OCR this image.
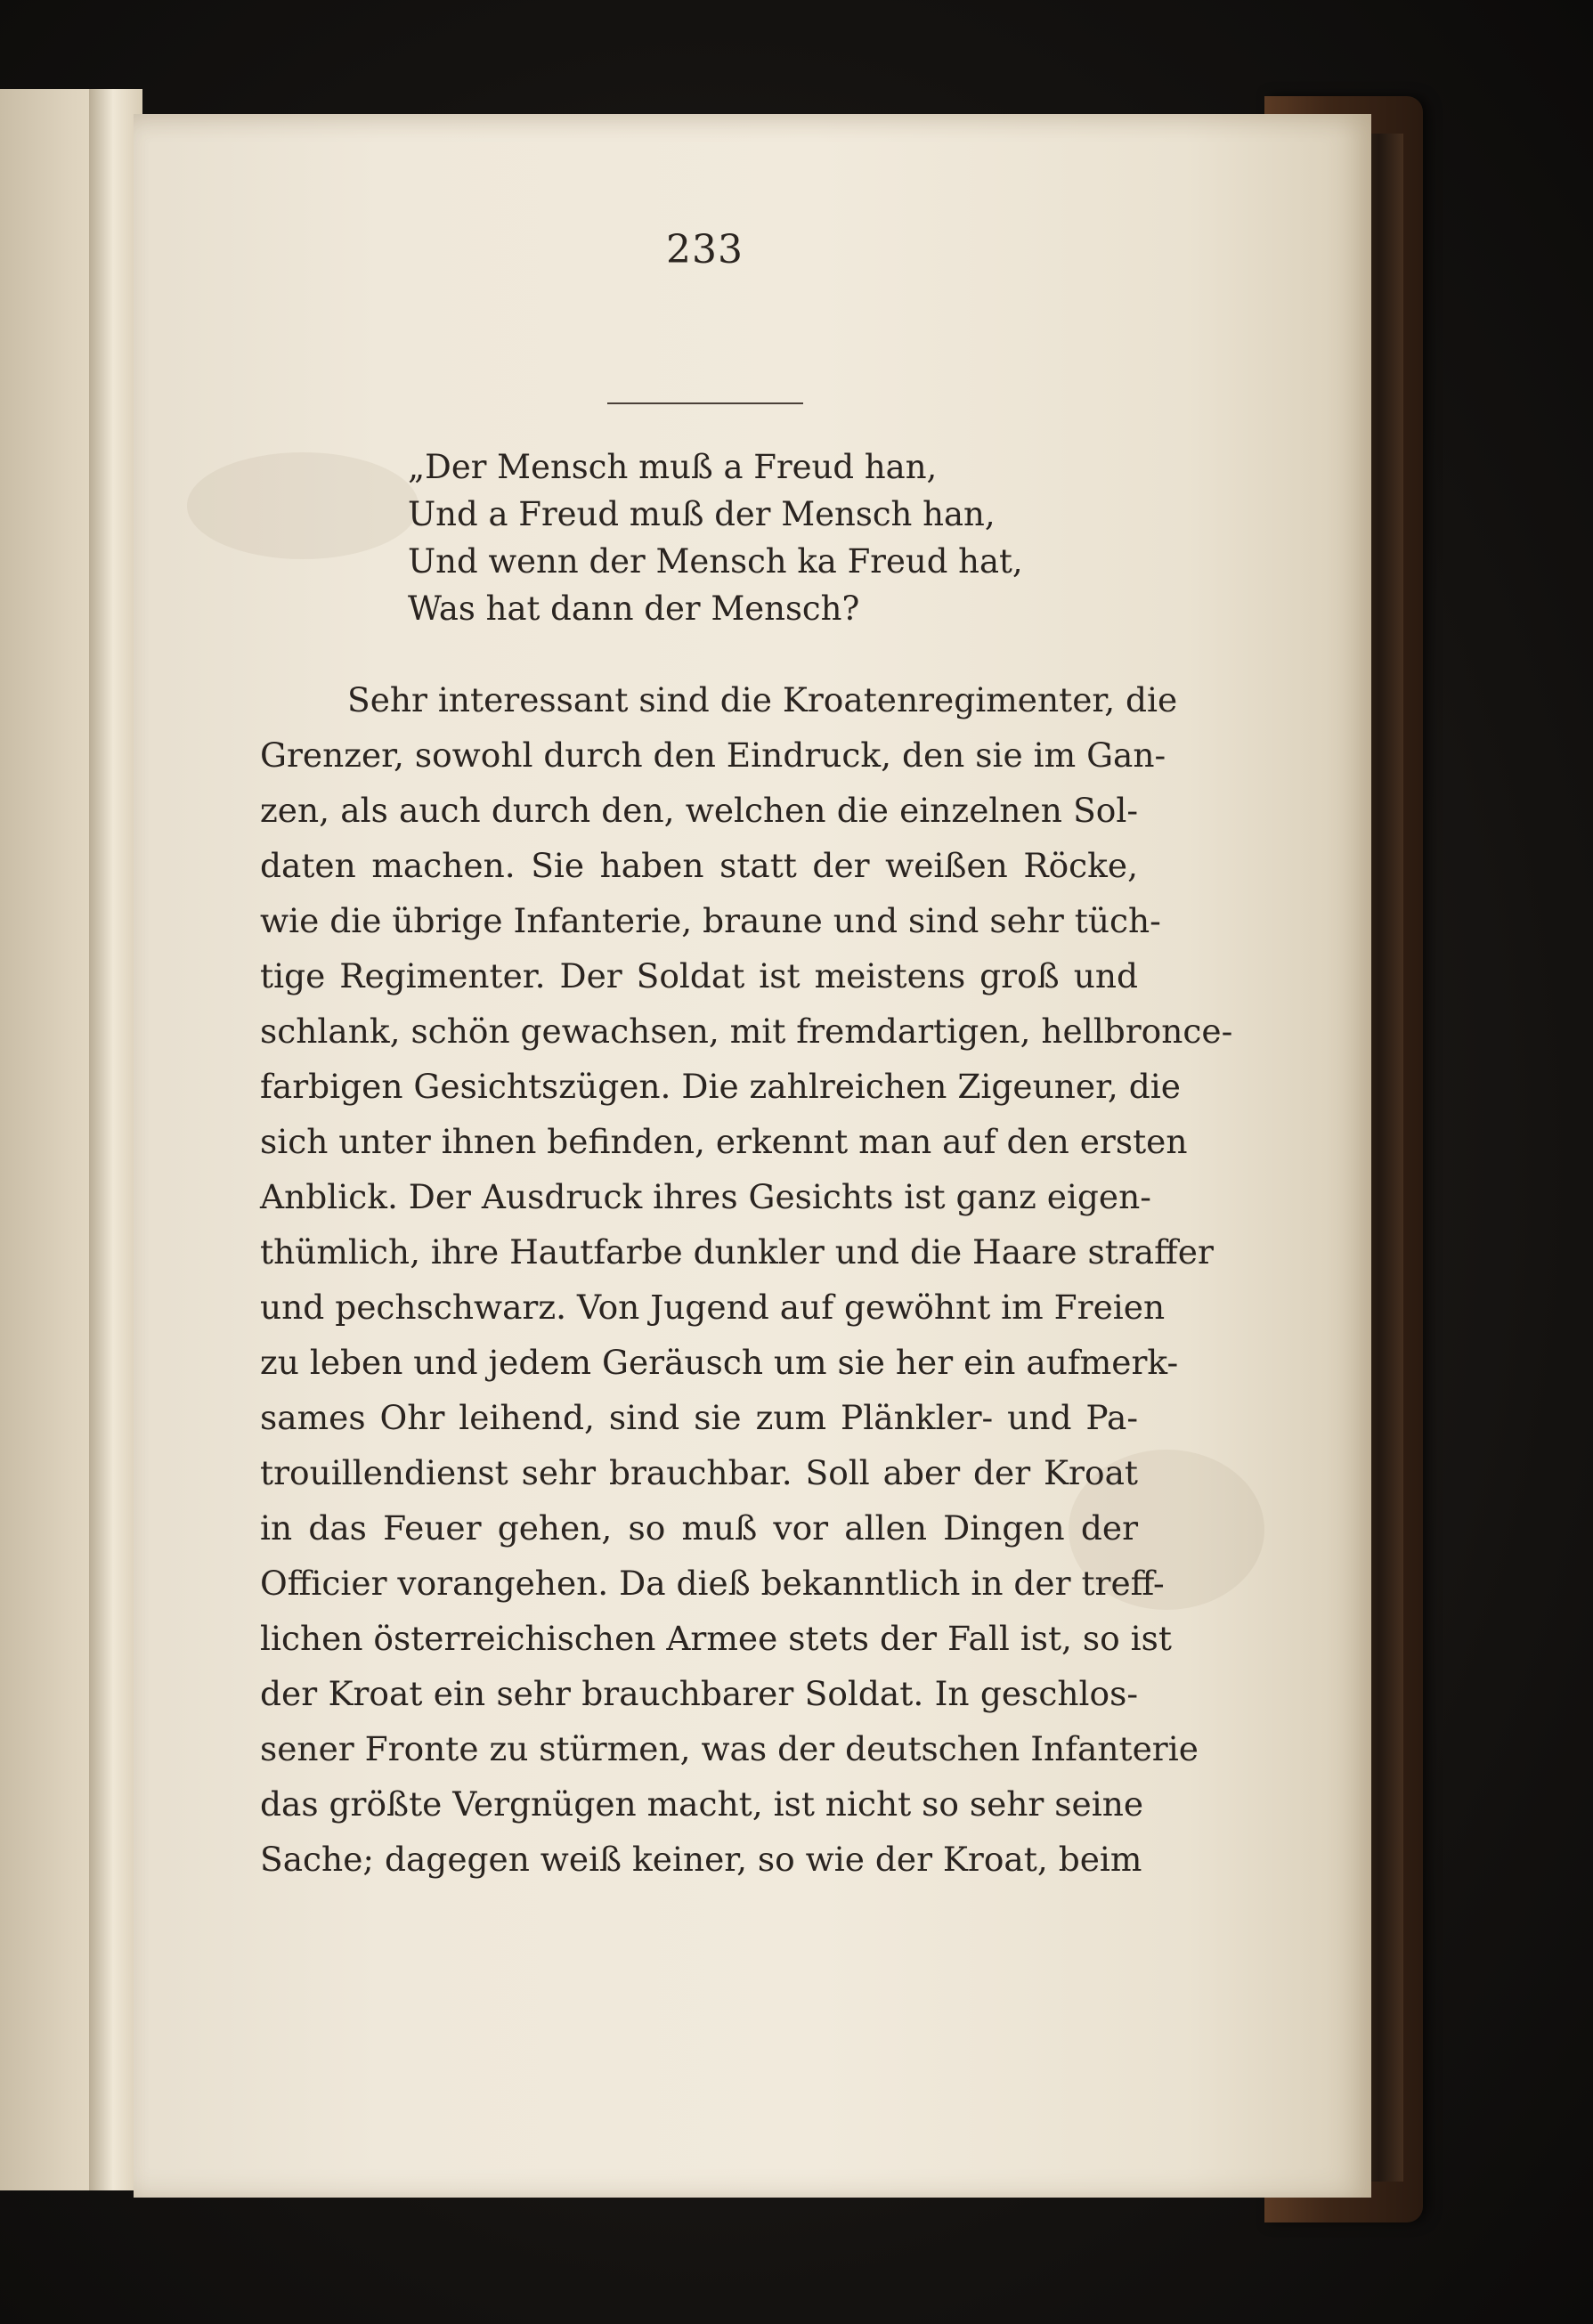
233
„Der Mensch muß a Freud han,
Und a Freud muß der Mensch han,
Und wenn der Mensch ka Freud hat,
Was hat dann der Mensch?
Sehr interessant sind die Kroatenregimenter, die
Grenzer, sowohl durch den Eindruck, den sie im Gan-
zen, als auch durch den, welchen die einzelnen Sol-
daten machen. Sie haben statt der weißen Röcke,
wie die übrige Infanterie, braune und sind sehr tüch-
tige Regimenter. Der Soldat ist meistens groß und
schlank, schön gewachsen, mit fremdartigen, hellbronce-
farbigen Gesichtszügen. Die zahlreichen Zigeuner, die
sich unter ihnen befinden, erkennt man auf den ersten
Anblick. Der Ausdruck ihres Gesichts ist ganz eigen-
thümlich, ihre Hautfarbe dunkler und die Haare straffer
und pechschwarz. Von Jugend auf gewöhnt im Freien
zu leben und jedem Geräusch um sie her ein aufmerk-
sames Ohr leihend, sind sie zum Plänkler- und Pa-
trouillendienst sehr brauchbar. Soll aber der Kroat
in das Feuer gehen, so muß vor allen Dingen der
Officier vorangehen. Da dieß bekanntlich in der treff-
lichen österreichischen Armee stets der Fall ist, so ist
der Kroat ein sehr brauchbarer Soldat. In geschlos-
sener Fronte zu stürmen, was der deutschen Infanterie
das größte Vergnügen macht, ist nicht so sehr seine
Sache; dagegen weiß keiner, so wie der Kroat, beim
